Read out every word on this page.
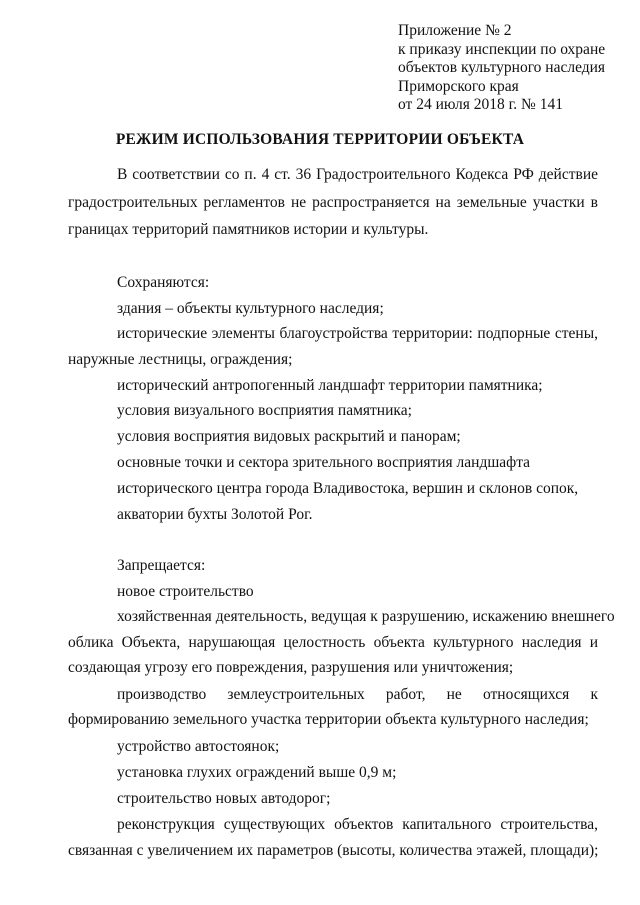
Приложение № 2
к приказу инспекции по охране
объектов культурного наследия
Приморского края
от 24 июля 2018 г. № 141
РЕЖИМ ИСПОЛЬЗОВАНИЯ ТЕРРИТОРИИ ОБЪЕКТА
В соответствии со п. 4 ст. 36 Градостроительного Кодекса РФ действие
градостроительных регламентов не распространяется на земельные участки в
границах территорий памятников истории и культуры.
Сохраняются:
здания – объекты культурного наследия;
исторические элементы благоустройства территории: подпорные стены,
наружные лестницы, ограждения;
исторический антропогенный ландшафт территории памятника;
условия визуального восприятия памятника;
условия восприятия видовых раскрытий и панорам;
основные точки и сектора зрительного восприятия ландшафта
исторического центра города Владивостока, вершин и склонов сопок,
акватории бухты Золотой Рог.
Запрещается:
новое строительство
хозяйственная деятельность, ведущая к разрушению, искажению внешнего
облика Объекта, нарушающая целостность объекта культурного наследия и
создающая угрозу его повреждения, разрушения или уничтожения;
производство землеустроительных работ, не относящихся к
формированию земельного участка территории объекта культурного наследия;
устройство автостоянок;
установка глухих ограждений выше 0,9 м;
строительство новых автодорог;
реконструкция существующих объектов капитального строительства,
связанная с увеличением их параметров (высоты, количества этажей, площади);
